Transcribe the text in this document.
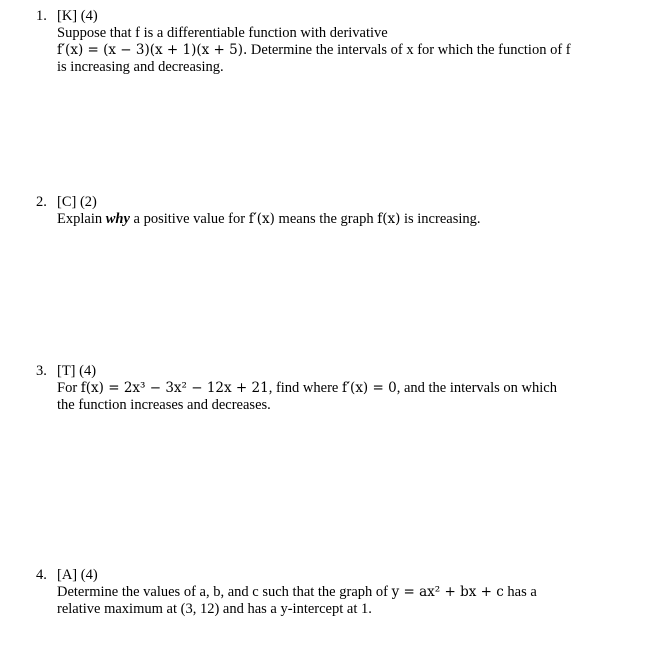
1. [K] (4)
Suppose that f is a differentiable function with derivative
f′(x) = (x − 3)(x + 1)(x + 5). Determine the intervals of x for which the function of f
is increasing and decreasing.
2. [C] (2)
Explain why a positive value for f′(x) means the graph f(x) is increasing.
3. [T] (4)
For f(x) = 2x³ − 3x² − 12x + 21, find where f′(x) = 0, and the intervals on which
the function increases and decreases.
4. [A] (4)
Determine the values of a, b, and c such that the graph of y = ax² + bx + c has a
relative maximum at (3, 12) and has a y-intercept at 1.
